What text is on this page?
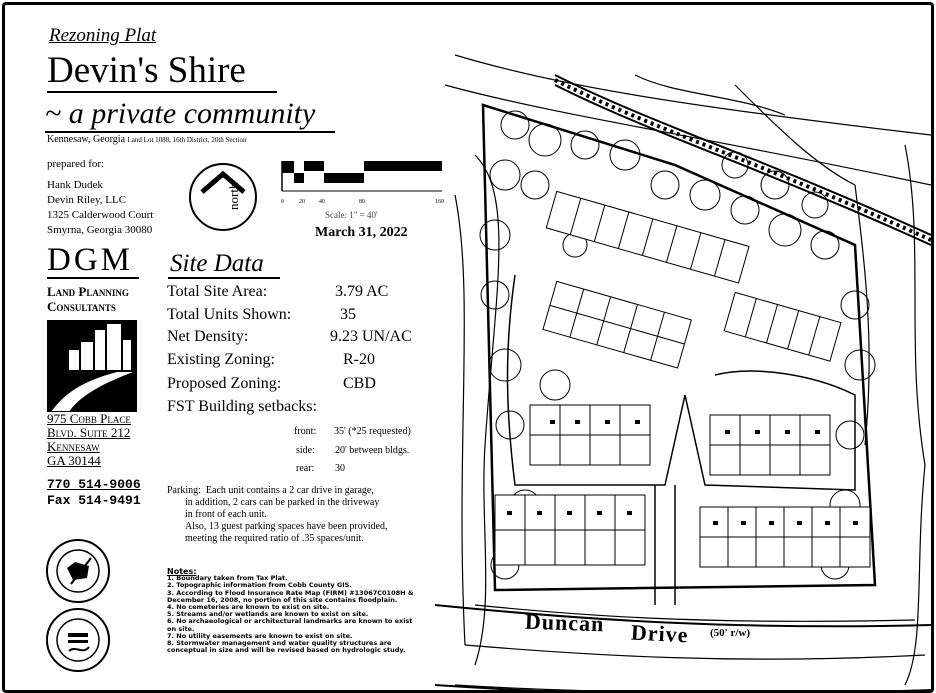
Rezoning Plat
Devin's Shire
~ a private community
Kennesaw, Georgia Land Lot 1088, 16th District, 20th Section
prepared for:
Hank Dudek
Devin Riley, LLC
1325 Calderwood Court
Smyrna, Georgia 30080
north	0	20 40	80	160
Scale: 1" = 40'
March 31, 2022
DGM
Land Planning
Consultants
975 Cobb Place
Blvd. Suite 212
Kennesaw
GA 30144
770 514-9006
Fax 514-9491
Site Data
Total Site Area:	3.79 AC
Total Units Shown:	35
Net Density:	9.23 UN/AC
Existing Zoning:	R-20
Proposed Zoning:	CBD
FST Building setbacks:
front: 35' (*25 requested)
side: 20' between bldgs.
rear: 30
Parking: Each unit contains a 2 car drive in garage,
in addition, 2 cars can be parked in the driveway
in front of each unit.
Also, 13 guest parking spaces have been provided,
meeting the required ratio of .35 spaces/unit.
Notes:
1. Boundary taken from Tax Plat.
2. Topographic information from Cobb County GIS.
3. According to Flood Insurance Rate Map (FIRM) #13067C0108H &
December 16, 2008, no portion of this site contains floodplain.
4. No cemeteries are known to exist on site.
5. Streams and/or wetlands are known to exist on site.
6. No archaeological or architectural landmarks are known to exist
on site.
7. No utility easements are known to exist on site.
8. Stormwater management and water quality structures are
conceptual in size and will be revised based on hydrologic study.
Duncan Drive (50' r/w)
